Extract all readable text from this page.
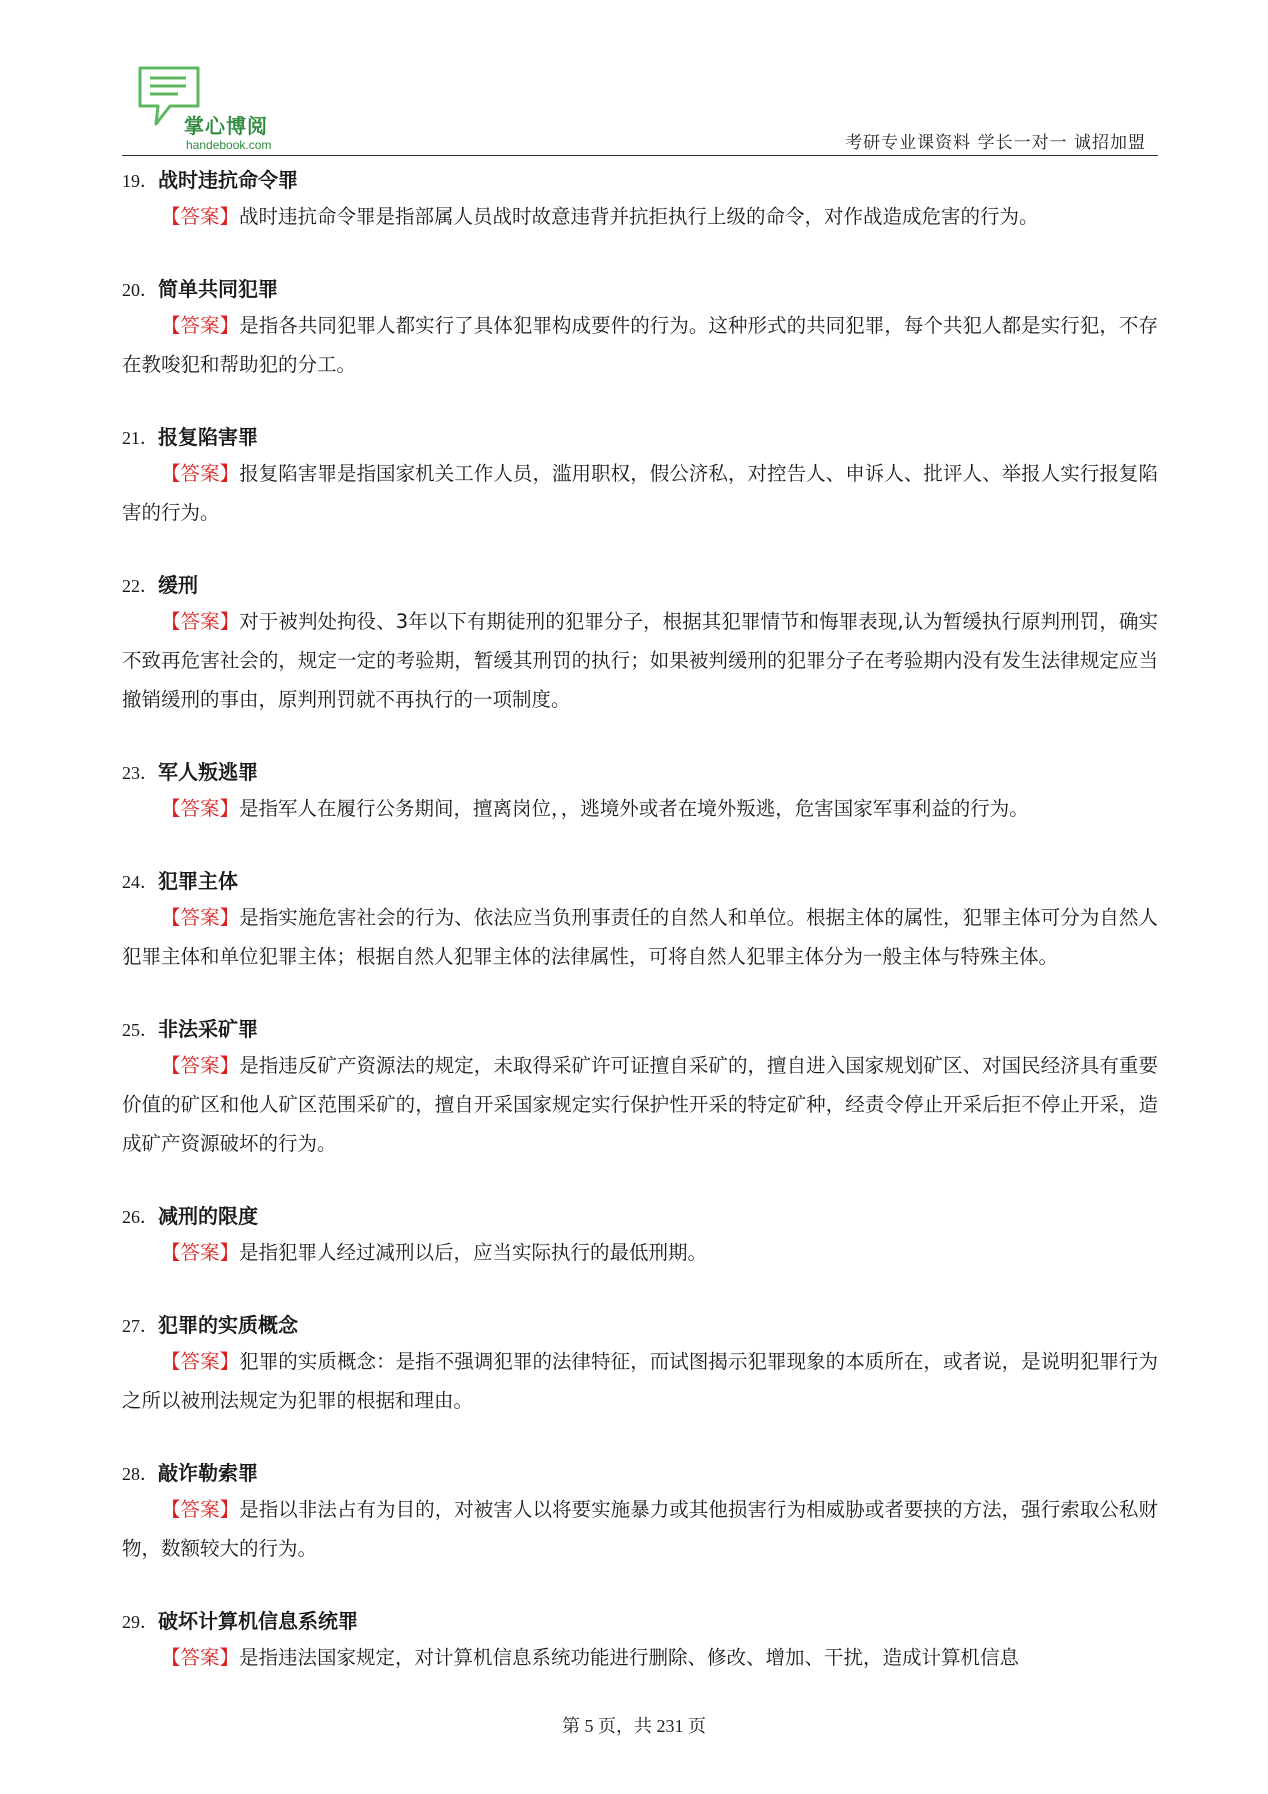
掌心博阅
handebook.com	考研专业课资料 学长一对一 诚招加盟
19．战时违抗命令罪
【答案】战时违抗命令罪是指部属人员战时故意违背并抗拒执行上级的命令，对作战造成危害的行为。
20．简单共同犯罪
【答案】是指各共同犯罪人都实行了具体犯罪构成要件的行为。这种形式的共同犯罪，每个共犯人都是实行犯，不存在教唆犯和帮助犯的分工。
21．报复陷害罪
【答案】报复陷害罪是指国家机关工作人员，滥用职权，假公济私，对控告人、申诉人、批评人、举报人实行报复陷害的行为。
22．缓刑
【答案】对于被判处拘役、3年以下有期徒刑的犯罪分子，根据其犯罪情节和悔罪表现,认为暂缓执行原判刑罚，确实不致再危害社会的，规定一定的考验期，暂缓其刑罚的执行；如果被判缓刑的犯罪分子在考验期内没有发生法律规定应当撤销缓刑的事由，原判刑罚就不再执行的一项制度。
23．军人叛逃罪
【答案】是指军人在履行公务期间，擅离岗位，，逃境外或者在境外叛逃，危害国家军事利益的行为。
24．犯罪主体
【答案】是指实施危害社会的行为、依法应当负刑事责任的自然人和单位。根据主体的属性，犯罪主体可分为自然人犯罪主体和单位犯罪主体；根据自然人犯罪主体的法律属性，可将自然人犯罪主体分为一般主体与特殊主体。
25．非法采矿罪
【答案】是指违反矿产资源法的规定，未取得采矿许可证擅自采矿的，擅自进入国家规划矿区、对国民经济具有重要价值的矿区和他人矿区范围采矿的，擅自开采国家规定实行保护性开采的特定矿种，经责令停止开采后拒不停止开采，造成矿产资源破坏的行为。
26．减刑的限度
【答案】是指犯罪人经过减刑以后，应当实际执行的最低刑期。
27．犯罪的实质概念
【答案】犯罪的实质概念：是指不强调犯罪的法律特征，而试图揭示犯罪现象的本质所在，或者说，是说明犯罪行为之所以被刑法规定为犯罪的根据和理由。
28．敲诈勒索罪
【答案】是指以非法占有为目的，对被害人以将要实施暴力或其他损害行为相威胁或者要挟的方法，强行索取公私财物，数额较大的行为。
29．破坏计算机信息系统罪
【答案】是指违法国家规定，对计算机信息系统功能进行删除、修改、增加、干扰，造成计算机信息
第 5 页，共 231 页
